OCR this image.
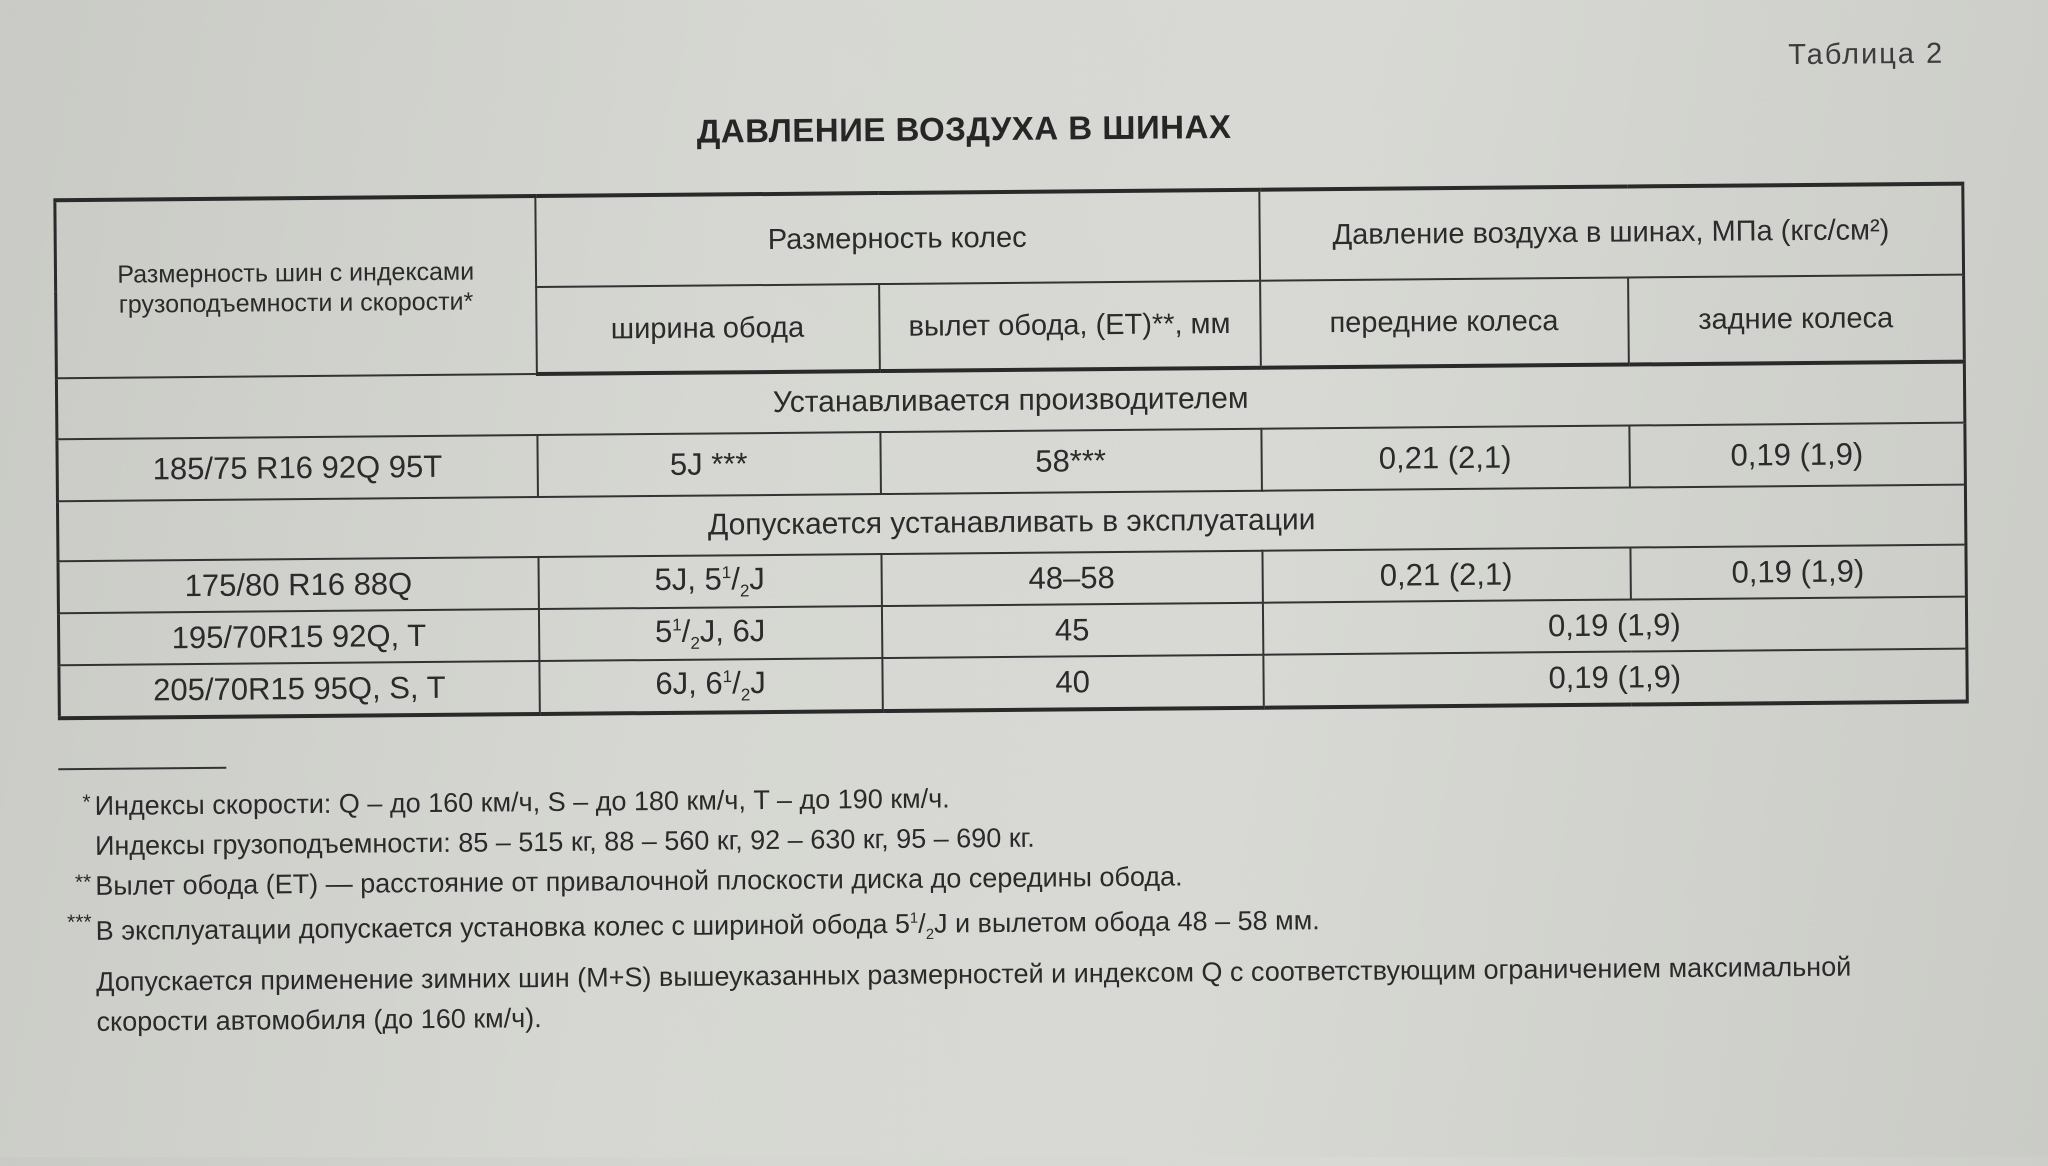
Таблица 2
ДАВЛЕНИЕ ВОЗДУХА В ШИНАХ
Размерность шин с индексами грузоподъемности и скорости*	Размерность колес		Давление воздуха в шинах, МПа (кгс/см²)	
	ширина обода	вылет обода, (ET)**, мм	передние колеса	задние колеса
Устанавливается производителем				
185/75 R16 92Q 95T	5J ***	58***	0,21 (2,1)	0,19 (1,9)
Допускается устанавливать в эксплуатации				
175/80 R16 88Q	5J, $5^1/_2J$	48–58	0,21 (2,1)	0,19 (1,9)
195/70R15 92Q, T	$5^1/_2J$, 6J	45	0,19 (1,9)	
205/70R15 95Q, S, T	6J, $6^1/_2J$	40	0,19 (1,9)	
* Индексы скорости: Q – до 160 км/ч, S – до 180 км/ч, T – до 190 км/ч.
Индексы грузоподъемности: 85 – 515 кг, 88 – 560 кг, 92 – 630 кг, 95 – 690 кг.
** Вылет обода (ET) — расстояние от привалочной плоскости диска до середины обода.
*** В эксплуатации допускается установка колес с шириной обода $5^1/_2J$ и вылетом обода 48 – 58 мм.
Допускается применение зимних шин (M+S) вышеуказанных размерностей и индексом Q с соответствующим ограничением максимальной
скорости автомобиля (до 160 км/ч).
